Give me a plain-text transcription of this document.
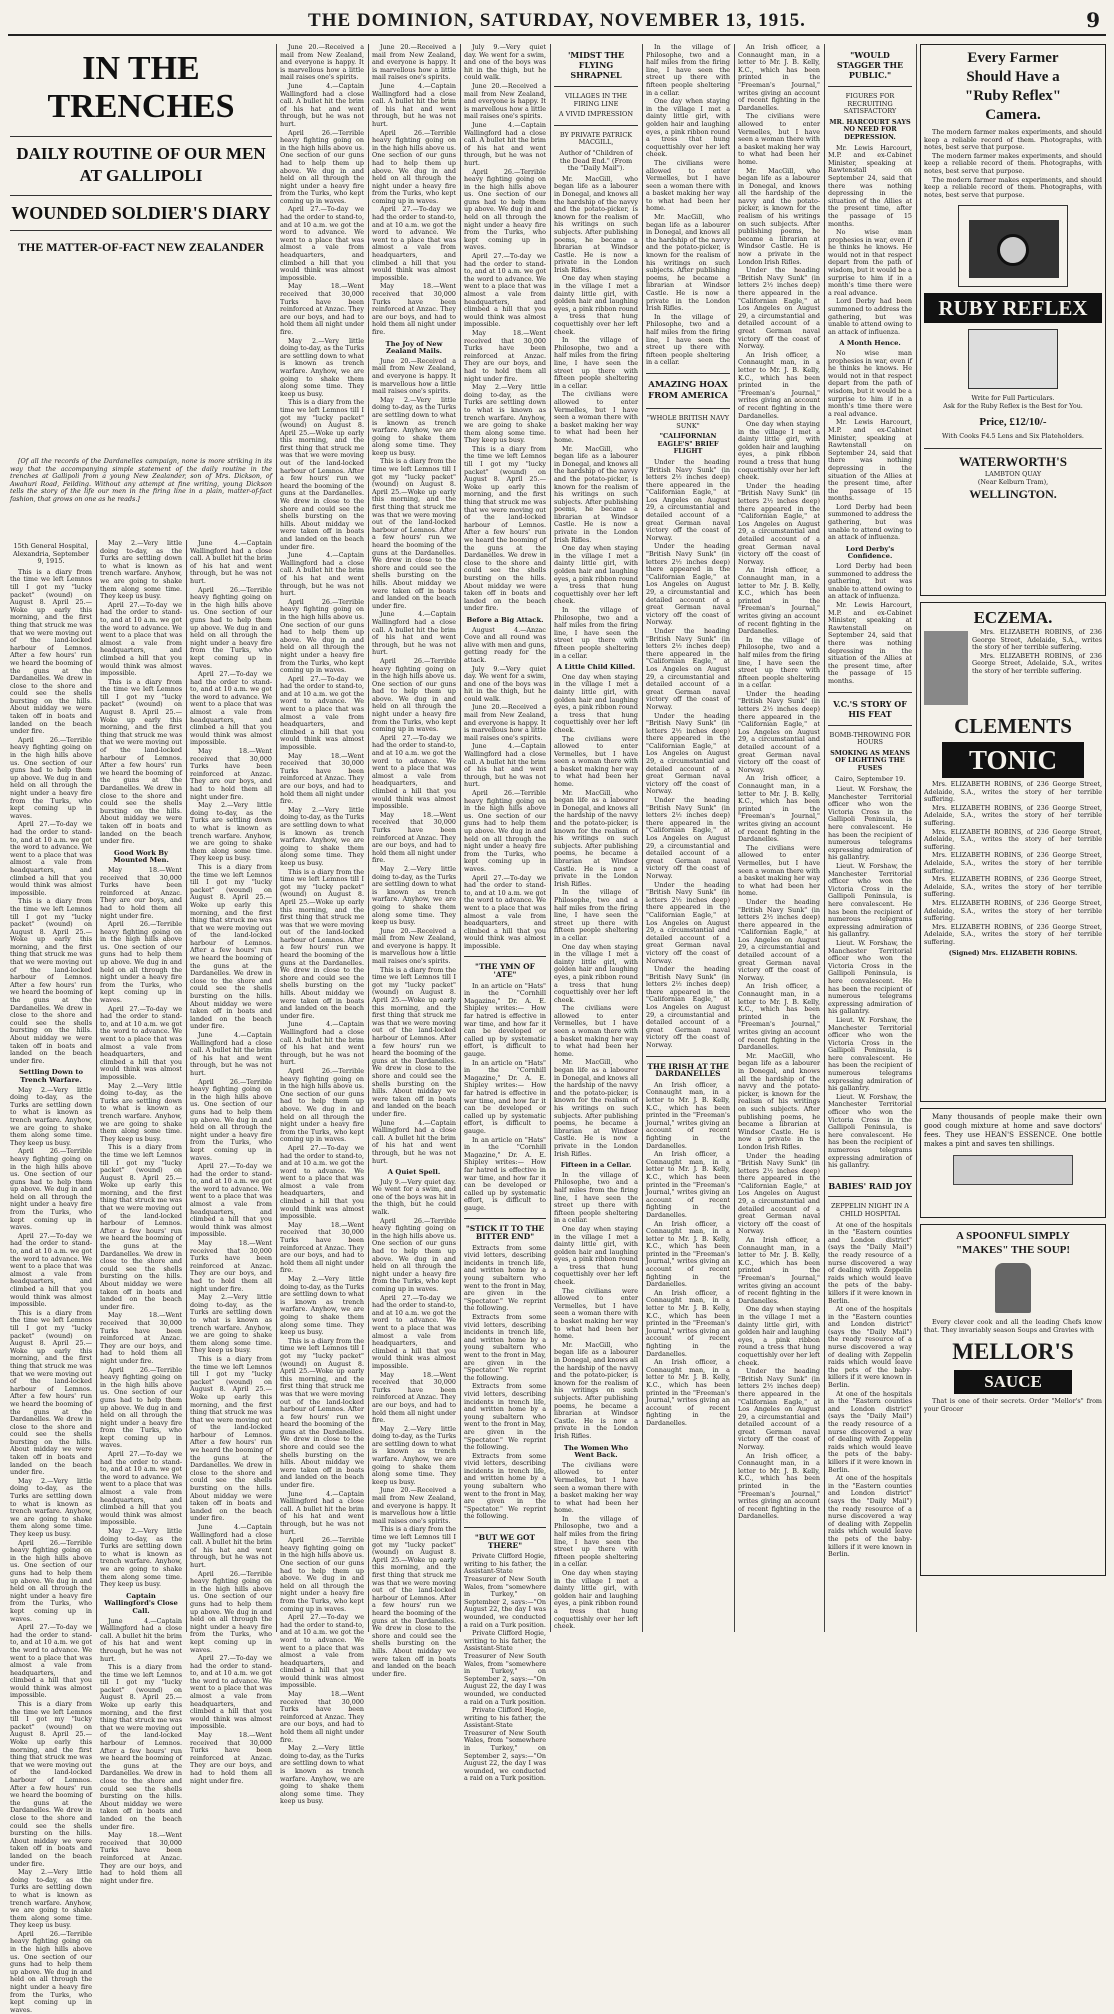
THE DOMINION, SATURDAY, NOVEMBER 13, 1915.	9
IN THE TRENCHES
DAILY ROUTINE OF OUR MEN AT GALLIPOLI
WOUNDED SOLDIER'S DIARY
THE MATTER-OF-FACT NEW ZEALANDER

[Of all the records of the Dardanelles campaign, none is more striking in its way that the accompanying simple statement of the daily routine in the trenches at Gallipoli from a young New Zealander, son of Mrs. Dickson, of Awahuri Road, Feilding. Without any attempt at fine writing, young Dickson tells the story of the life our men in the firing line in a plain, matter-of-fact fashion, that grows on one as he reads.]

15th General Hospital, Alexandria, September 9, 1915.

This is a diary from the time we left Lemnos till I got my "lucky packet" (wound) on August 8. April 25.—Woke up early this morning, and the first thing that struck me was that we were moving out of the land-locked harbour of Lemnos. After a few hours' run we heard the booming of the guns at the Dardanelles. We drew in close to the shore and could see the shells bursting on the hills. About midday we were taken off in boats and landed on the beach under fire.

April 26.—Terrible heavy fighting going on in the high hills above us. One section of our guns had to help them up above. We dug in and held on all through the night under a heavy fire from the Turks, who kept coming up in waves.

April 27.—To-day we had the order to stand-to, and at 10 a.m. we got the word to advance. We went to a place that was almost a vale from headquarters, and climbed a hill that you would think was almost impossible.

This is a diary from the time we left Lemnos till I got my "lucky packet" (wound) on August 8. April 25.—Woke up early this morning, and the first thing that struck me was that we were moving out of the land-locked harbour of Lemnos. After a few hours' run we heard the booming of the guns at the Dardanelles. We drew in close to the shore and could see the shells bursting on the hills. About midday we were taken off in boats and landed on the beach under fire.

Settling Down to Trench Warfare.

May 2.—Very little doing to-day, as the Turks are settling down to what is known as trench warfare. Anyhow, we are going to shake them along some time. They keep us busy.

April 26.—Terrible heavy fighting going on in the high hills above us. One section of our guns had to help them up above. We dug in and held on all through the night under a heavy fire from the Turks, who kept coming up in waves.

April 27.—To-day we had the order to stand-to, and at 10 a.m. we got the word to advance. We went to a place that was almost a vale from headquarters, and climbed a hill that you would think was almost impossible.

This is a diary from the time we left Lemnos till I got my "lucky packet" (wound) on August 8. April 25.—Woke up early this morning, and the first thing that struck me was that we were moving out of the land-locked harbour of Lemnos. After a few hours' run we heard the booming of the guns at the Dardanelles. We drew in close to the shore and could see the shells bursting on the hills. About midday we were taken off in boats and landed on the beach under fire.

May 2.—Very little doing to-day, as the Turks are settling down to what is known as trench warfare. Anyhow, we are going to shake them along some time. They keep us busy.

April 26.—Terrible heavy fighting going on in the high hills above us. One section of our guns had to help them up above. We dug in and held on all through the night under a heavy fire from the Turks, who kept coming up in waves.

April 27.—To-day we had the order to stand-to, and at 10 a.m. we got the word to advance. We went to a place that was almost a vale from headquarters, and climbed a hill that you would think was almost impossible.

This is a diary from the time we left Lemnos till I got my "lucky packet" (wound) on August 8. April 25.—Woke up early this morning, and the first thing that struck me was that we were moving out of the land-locked harbour of Lemnos. After a few hours' run we heard the booming of the guns at the Dardanelles. We drew in close to the shore and could see the shells bursting on the hills. About midday we were taken off in boats and landed on the beach under fire.

May 2.—Very little doing to-day, as the Turks are settling down to what is known as trench warfare. Anyhow, we are going to shake them along some time. They keep us busy.

April 26.—Terrible heavy fighting going on in the high hills above us. One section of our guns had to help them up above. We dug in and held on all through the night under a heavy fire from the Turks, who kept coming up in waves.

May 2.—Very little doing to-day, as the Turks are settling down to what is known as trench warfare. Anyhow, we are going to shake them along some time. They keep us busy.

April 27.—To-day we had the order to stand-to, and at 10 a.m. we got the word to advance. We went to a place that was almost a vale from headquarters, and climbed a hill that you would think was almost impossible.

This is a diary from the time we left Lemnos till I got my "lucky packet" (wound) on August 8. April 25.—Woke up early this morning, and the first thing that struck me was that we were moving out of the land-locked harbour of Lemnos. After a few hours' run we heard the booming of the guns at the Dardanelles. We drew in close to the shore and could see the shells bursting on the hills. About midday we were taken off in boats and landed on the beach under fire.

Good Work By Mounted Men.

May 18.—Went received that 30,000 Turks have been reinforced at Anzac. They are our boys, and had to hold them all night under fire.

April 26.—Terrible heavy fighting going on in the high hills above us. One section of our guns had to help them up above. We dug in and held on all through the night under a heavy fire from the Turks, who kept coming up in waves.

April 27.—To-day we had the order to stand-to, and at 10 a.m. we got the word to advance. We went to a place that was almost a vale from headquarters, and climbed a hill that you would think was almost impossible.

May 2.—Very little doing to-day, as the Turks are settling down to what is known as trench warfare. Anyhow, we are going to shake them along some time. They keep us busy.

This is a diary from the time we left Lemnos till I got my "lucky packet" (wound) on August 8. April 25.—Woke up early this morning, and the first thing that struck me was that we were moving out of the land-locked harbour of Lemnos. After a few hours' run we heard the booming of the guns at the Dardanelles. We drew in close to the shore and could see the shells bursting on the hills. About midday we were taken off in boats and landed on the beach under fire.

May 18.—Went received that 30,000 Turks have been reinforced at Anzac. They are our boys, and had to hold them all night under fire.

April 26.—Terrible heavy fighting going on in the high hills above us. One section of our guns had to help them up above. We dug in and held on all through the night under a heavy fire from the Turks, who kept coming up in waves.

April 27.—To-day we had the order to stand-to, and at 10 a.m. we got the word to advance. We went to a place that was almost a vale from headquarters, and climbed a hill that you would think was almost impossible.

May 2.—Very little doing to-day, as the Turks are settling down to what is known as trench warfare. Anyhow, we are going to shake them along some time. They keep us busy.

Captain Wallingford's Close Call.

June 4.—Captain Wallingford had a close call. A bullet hit the brim of his hat and went through, but he was not hurt.

This is a diary from the time we left Lemnos till I got my "lucky packet" (wound) on August 8. April 25.—Woke up early this morning, and the first thing that struck me was that we were moving out of the land-locked harbour of Lemnos. After a few hours' run we heard the booming of the guns at the Dardanelles. We drew in close to the shore and could see the shells bursting on the hills. About midday we were taken off in boats and landed on the beach under fire.

May 18.—Went received that 30,000 Turks have been reinforced at Anzac. They are our boys, and had to hold them all night under fire.

June 4.—Captain Wallingford had a close call. A bullet hit the brim of his hat and went through, but he was not hurt.

April 26.—Terrible heavy fighting going on in the high hills above us. One section of our guns had to help them up above. We dug in and held on all through the night under a heavy fire from the Turks, who kept coming up in waves.

April 27.—To-day we had the order to stand-to, and at 10 a.m. we got the word to advance. We went to a place that was almost a vale from headquarters, and climbed a hill that you would think was almost impossible.

May 18.—Went received that 30,000 Turks have been reinforced at Anzac. They are our boys, and had to hold them all night under fire.

May 2.—Very little doing to-day, as the Turks are settling down to what is known as trench warfare. Anyhow, we are going to shake them along some time. They keep us busy.

This is a diary from the time we left Lemnos till I got my "lucky packet" (wound) on August 8. April 25.—Woke up early this morning, and the first thing that struck me was that we were moving out of the land-locked harbour of Lemnos. After a few hours' run we heard the booming of the guns at the Dardanelles. We drew in close to the shore and could see the shells bursting on the hills. About midday we were taken off in boats and landed on the beach under fire.

June 4.—Captain Wallingford had a close call. A bullet hit the brim of his hat and went through, but he was not hurt.

April 26.—Terrible heavy fighting going on in the high hills above us. One section of our guns had to help them up above. We dug in and held on all through the night under a heavy fire from the Turks, who kept coming up in waves.

April 27.—To-day we had the order to stand-to, and at 10 a.m. we got the word to advance. We went to a place that was almost a vale from headquarters, and climbed a hill that you would think was almost impossible.

May 18.—Went received that 30,000 Turks have been reinforced at Anzac. They are our boys, and had to hold them all night under fire.

May 2.—Very little doing to-day, as the Turks are settling down to what is known as trench warfare. Anyhow, we are going to shake them along some time. They keep us busy.

This is a diary from the time we left Lemnos till I got my "lucky packet" (wound) on August 8. April 25.—Woke up early this morning, and the first thing that struck me was that we were moving out of the land-locked harbour of Lemnos. After a few hours' run we heard the booming of the guns at the Dardanelles. We drew in close to the shore and could see the shells bursting on the hills. About midday we were taken off in boats and landed on the beach under fire.

June 4.—Captain Wallingford had a close call. A bullet hit the brim of his hat and went through, but he was not hurt.

April 26.—Terrible heavy fighting going on in the high hills above us. One section of our guns had to help them up above. We dug in and held on all through the night under a heavy fire from the Turks, who kept coming up in waves.

April 27.—To-day we had the order to stand-to, and at 10 a.m. we got the word to advance. We went to a place that was almost a vale from headquarters, and climbed a hill that you would think was almost impossible.

May 18.—Went received that 30,000 Turks have been reinforced at Anzac. They are our boys, and had to hold them all night under fire.

June 20.—Received a mail from New Zealand, and everyone is happy. It is marvellous how a little mail raises one's spirits.

June 4.—Captain Wallingford had a close call. A bullet hit the brim of his hat and went through, but he was not hurt.

April 26.—Terrible heavy fighting going on in the high hills above us. One section of our guns had to help them up above. We dug in and held on all through the night under a heavy fire from the Turks, who kept coming up in waves.

April 27.—To-day we had the order to stand-to, and at 10 a.m. we got the word to advance. We went to a place that was almost a vale from headquarters, and climbed a hill that you would think was almost impossible.

May 18.—Went received that 30,000 Turks have been reinforced at Anzac. They are our boys, and had to hold them all night under fire.

May 2.—Very little doing to-day, as the Turks are settling down to what is known as trench warfare. Anyhow, we are going to shake them along some time. They keep us busy.

This is a diary from the time we left Lemnos till I got my "lucky packet" (wound) on August 8. April 25.—Woke up early this morning, and the first thing that struck me was that we were moving out of the land-locked harbour of Lemnos. After a few hours' run we heard the booming of the guns at the Dardanelles. We drew in close to the shore and could see the shells bursting on the hills. About midday we were taken off in boats and landed on the beach under fire.

June 4.—Captain Wallingford had a close call. A bullet hit the brim of his hat and went through, but he was not hurt.

April 26.—Terrible heavy fighting going on in the high hills above us. One section of our guns had to help them up above. We dug in and held on all through the night under a heavy fire from the Turks, who kept coming up in waves.

April 27.—To-day we had the order to stand-to, and at 10 a.m. we got the word to advance. We went to a place that was almost a vale from headquarters, and climbed a hill that you would think was almost impossible.

May 18.—Went received that 30,000 Turks have been reinforced at Anzac. They are our boys, and had to hold them all night under fire.

May 2.—Very little doing to-day, as the Turks are settling down to what is known as trench warfare. Anyhow, we are going to shake them along some time. They keep us busy.

This is a diary from the time we left Lemnos till I got my "lucky packet" (wound) on August 8. April 25.—Woke up early this morning, and the first thing that struck me was that we were moving out of the land-locked harbour of Lemnos. After a few hours' run we heard the booming of the guns at the Dardanelles. We drew in close to the shore and could see the shells bursting on the hills. About midday we were taken off in boats and landed on the beach under fire.

June 4.—Captain Wallingford had a close call. A bullet hit the brim of his hat and went through, but he was not hurt.

April 26.—Terrible heavy fighting going on in the high hills above us. One section of our guns had to help them up above. We dug in and held on all through the night under a heavy fire from the Turks, who kept coming up in waves.

April 27.—To-day we had the order to stand-to, and at 10 a.m. we got the word to advance. We went to a place that was almost a vale from headquarters, and climbed a hill that you would think was almost impossible.

May 18.—Went received that 30,000 Turks have been reinforced at Anzac. They are our boys, and had to hold them all night under fire.

May 2.—Very little doing to-day, as the Turks are settling down to what is known as trench warfare. Anyhow, we are going to shake them along some time. They keep us busy.

This is a diary from the time we left Lemnos till I got my "lucky packet" (wound) on August 8. April 25.—Woke up early this morning, and the first thing that struck me was that we were moving out of the land-locked harbour of Lemnos. After a few hours' run we heard the booming of the guns at the Dardanelles. We drew in close to the shore and could see the shells bursting on the hills. About midday we were taken off in boats and landed on the beach under fire.

June 4.—Captain Wallingford had a close call. A bullet hit the brim of his hat and went through, but he was not hurt.

April 26.—Terrible heavy fighting going on in the high hills above us. One section of our guns had to help them up above. We dug in and held on all through the night under a heavy fire from the Turks, who kept coming up in waves.

April 27.—To-day we had the order to stand-to, and at 10 a.m. we got the word to advance. We went to a place that was almost a vale from headquarters, and climbed a hill that you would think was almost impossible.

May 18.—Went received that 30,000 Turks have been reinforced at Anzac. They are our boys, and had to hold them all night under fire.

May 2.—Very little doing to-day, as the Turks are settling down to what is known as trench warfare. Anyhow, we are going to shake them along some time. They keep us busy.

June 20.—Received a mail from New Zealand, and everyone is happy. It is marvellous how a little mail raises one's spirits.

June 4.—Captain Wallingford had a close call. A bullet hit the brim of his hat and went through, but he was not hurt.

April 26.—Terrible heavy fighting going on in the high hills above us. One section of our guns had to help them up above. We dug in and held on all through the night under a heavy fire from the Turks, who kept coming up in waves.

April 27.—To-day we had the order to stand-to, and at 10 a.m. we got the word to advance. We went to a place that was almost a vale from headquarters, and climbed a hill that you would think was almost impossible.

May 18.—Went received that 30,000 Turks have been reinforced at Anzac. They are our boys, and had to hold them all night under fire.

The Joy of New Zealand Mails.

June 20.—Received a mail from New Zealand, and everyone is happy. It is marvellous how a little mail raises one's spirits.

May 2.—Very little doing to-day, as the Turks are settling down to what is known as trench warfare. Anyhow, we are going to shake them along some time. They keep us busy.

This is a diary from the time we left Lemnos till I got my "lucky packet" (wound) on August 8. April 25.—Woke up early this morning, and the first thing that struck me was that we were moving out of the land-locked harbour of Lemnos. After a few hours' run we heard the booming of the guns at the Dardanelles. We drew in close to the shore and could see the shells bursting on the hills. About midday we were taken off in boats and landed on the beach under fire.

June 4.—Captain Wallingford had a close call. A bullet hit the brim of his hat and went through, but he was not hurt.

April 26.—Terrible heavy fighting going on in the high hills above us. One section of our guns had to help them up above. We dug in and held on all through the night under a heavy fire from the Turks, who kept coming up in waves.

April 27.—To-day we had the order to stand-to, and at 10 a.m. we got the word to advance. We went to a place that was almost a vale from headquarters, and climbed a hill that you would think was almost impossible.

May 18.—Went received that 30,000 Turks have been reinforced at Anzac. They are our boys, and had to hold them all night under fire.

May 2.—Very little doing to-day, as the Turks are settling down to what is known as trench warfare. Anyhow, we are going to shake them along some time. They keep us busy.

June 20.—Received a mail from New Zealand, and everyone is happy. It is marvellous how a little mail raises one's spirits.

This is a diary from the time we left Lemnos till I got my "lucky packet" (wound) on August 8. April 25.—Woke up early this morning, and the first thing that struck me was that we were moving out of the land-locked harbour of Lemnos. After a few hours' run we heard the booming of the guns at the Dardanelles. We drew in close to the shore and could see the shells bursting on the hills. About midday we were taken off in boats and landed on the beach under fire.

June 4.—Captain Wallingford had a close call. A bullet hit the brim of his hat and went through, but he was not hurt.

A Quiet Spell.

July 9.—Very quiet day. We went for a swim, and one of the boys was hit in the thigh, but he could walk.

April 26.—Terrible heavy fighting going on in the high hills above us. One section of our guns had to help them up above. We dug in and held on all through the night under a heavy fire from the Turks, who kept coming up in waves.

April 27.—To-day we had the order to stand-to, and at 10 a.m. we got the word to advance. We went to a place that was almost a vale from headquarters, and climbed a hill that you would think was almost impossible.

May 18.—Went received that 30,000 Turks have been reinforced at Anzac. They are our boys, and had to hold them all night under fire.

May 2.—Very little doing to-day, as the Turks are settling down to what is known as trench warfare. Anyhow, we are going to shake them along some time. They keep us busy.

June 20.—Received a mail from New Zealand, and everyone is happy. It is marvellous how a little mail raises one's spirits.

This is a diary from the time we left Lemnos till I got my "lucky packet" (wound) on August 8. April 25.—Woke up early this morning, and the first thing that struck me was that we were moving out of the land-locked harbour of Lemnos. After a few hours' run we heard the booming of the guns at the Dardanelles. We drew in close to the shore and could see the shells bursting on the hills. About midday we were taken off in boats and landed on the beach under fire.

July 9.—Very quiet day. We went for a swim, and one of the boys was hit in the thigh, but he could walk.

June 20.—Received a mail from New Zealand, and everyone is happy. It is marvellous how a little mail raises one's spirits.

June 4.—Captain Wallingford had a close call. A bullet hit the brim of his hat and went through, but he was not hurt.

April 26.—Terrible heavy fighting going on in the high hills above us. One section of our guns had to help them up above. We dug in and held on all through the night under a heavy fire from the Turks, who kept coming up in waves.

April 27.—To-day we had the order to stand-to, and at 10 a.m. we got the word to advance. We went to a place that was almost a vale from headquarters, and climbed a hill that you would think was almost impossible.

May 18.—Went received that 30,000 Turks have been reinforced at Anzac. They are our boys, and had to hold them all night under fire.

May 2.—Very little doing to-day, as the Turks are settling down to what is known as trench warfare. Anyhow, we are going to shake them along some time. They keep us busy.

This is a diary from the time we left Lemnos till I got my "lucky packet" (wound) on August 8. April 25.—Woke up early this morning, and the first thing that struck me was that we were moving out of the land-locked harbour of Lemnos. After a few hours' run we heard the booming of the guns at the Dardanelles. We drew in close to the shore and could see the shells bursting on the hills. About midday we were taken off in boats and landed on the beach under fire.

Before a Big Attack.

August 4.—Anzac Cove and all round was alive with men and guns, getting ready for the attack.

July 9.—Very quiet day. We went for a swim, and one of the boys was hit in the thigh, but he could walk.

June 20.—Received a mail from New Zealand, and everyone is happy. It is marvellous how a little mail raises one's spirits.

June 4.—Captain Wallingford had a close call. A bullet hit the brim of his hat and went through, but he was not hurt.

April 26.—Terrible heavy fighting going on in the high hills above us. One section of our guns had to help them up above. We dug in and held on all through the night under a heavy fire from the Turks, who kept coming up in waves.

April 27.—To-day we had the order to stand-to, and at 10 a.m. we got the word to advance. We went to a place that was almost a vale from headquarters, and climbed a hill that you would think was almost impossible.

"THE YMN OF 'ATE"

In an article on "Hats" in the "Cornhill Magazine," Dr. A. E. Shipley writes:— How far hatred is effective in war time, and how far it can be developed or called up by systematic effort, is difficult to gauge.

In an article on "Hats" in the "Cornhill Magazine," Dr. A. E. Shipley writes:— How far hatred is effective in war time, and how far it can be developed or called up by systematic effort, is difficult to gauge.

In an article on "Hats" in the "Cornhill Magazine," Dr. A. E. Shipley writes:— How far hatred is effective in war time, and how far it can be developed or called up by systematic effort, is difficult to gauge.

"STICK IT TO THE BITTER END"

Extracts from some vivid letters, describing incidents in trench life, and written home by a young subaltern who went to the front in May, are given in the "Spectator." We reprint the following.

Extracts from some vivid letters, describing incidents in trench life, and written home by a young subaltern who went to the front in May, are given in the "Spectator." We reprint the following.

Extracts from some vivid letters, describing incidents in trench life, and written home by a young subaltern who went to the front in May, are given in the "Spectator." We reprint the following.

Extracts from some vivid letters, describing incidents in trench life, and written home by a young subaltern who went to the front in May, are given in the "Spectator." We reprint the following.

"BUT WE GOT THERE"

Private Clifford Hogie, writing to his father, the Assistant-State Treasurer of New South Wales, from "somewhere in Turkey," on September 2, says:—"On August 22, the day I was wounded, we conducted a raid on a Turk position.

Private Clifford Hogie, writing to his father, the Assistant-State Treasurer of New South Wales, from "somewhere in Turkey," on September 2, says:—"On August 22, the day I was wounded, we conducted a raid on a Turk position.

Private Clifford Hogie, writing to his father, the Assistant-State Treasurer of New South Wales, from "somewhere in Turkey," on September 2, says:—"On August 22, the day I was wounded, we conducted a raid on a Turk position.

'MIDST THE FLYING SHRAPNEL
VILLAGES IN THE FIRING LINE
A VIVID IMPRESSION
BY PRIVATE PATRICK MACGILL,
Author of "Children of the Dead End." (From the "Daily Mail").

Mr. MacGill, who began life as a labourer in Donegal, and knows all the hardship of the navvy and the potato-picker, is known for the realism of his writings on such subjects. After publishing poems, he became a librarian at Windsor Castle. He is now a private in the London Irish Rifles.

One day when staying in the village I met a dainty little girl, with golden hair and laughing eyes, a pink ribbon round a tress that hung coquettishly over her left cheek.

In the village of Philosophe, two and a half miles from the firing line, I have seen the street up there with fifteen people sheltering in a cellar.

The civilians were allowed to enter Vermelles, but I have seen a woman there with a basket making her way to what had been her home.

Mr. MacGill, who began life as a labourer in Donegal, and knows all the hardship of the navvy and the potato-picker, is known for the realism of his writings on such subjects. After publishing poems, he became a librarian at Windsor Castle. He is now a private in the London Irish Rifles.

One day when staying in the village I met a dainty little girl, with golden hair and laughing eyes, a pink ribbon round a tress that hung coquettishly over her left cheek.

In the village of Philosophe, two and a half miles from the firing line, I have seen the street up there with fifteen people sheltering in a cellar.

A Little Child Killed.

One day when staying in the village I met a dainty little girl, with golden hair and laughing eyes, a pink ribbon round a tress that hung coquettishly over her left cheek.

The civilians were allowed to enter Vermelles, but I have seen a woman there with a basket making her way to what had been her home.

Mr. MacGill, who began life as a labourer in Donegal, and knows all the hardship of the navvy and the potato-picker, is known for the realism of his writings on such subjects. After publishing poems, he became a librarian at Windsor Castle. He is now a private in the London Irish Rifles.

In the village of Philosophe, two and a half miles from the firing line, I have seen the street up there with fifteen people sheltering in a cellar.

One day when staying in the village I met a dainty little girl, with golden hair and laughing eyes, a pink ribbon round a tress that hung coquettishly over her left cheek.

The civilians were allowed to enter Vermelles, but I have seen a woman there with a basket making her way to what had been her home.

Mr. MacGill, who began life as a labourer in Donegal, and knows all the hardship of the navvy and the potato-picker, is known for the realism of his writings on such subjects. After publishing poems, he became a librarian at Windsor Castle. He is now a private in the London Irish Rifles.

Fifteen in a Cellar.

In the village of Philosophe, two and a half miles from the firing line, I have seen the street up there with fifteen people sheltering in a cellar.

One day when staying in the village I met a dainty little girl, with golden hair and laughing eyes, a pink ribbon round a tress that hung coquettishly over her left cheek.

The civilians were allowed to enter Vermelles, but I have seen a woman there with a basket making her way to what had been her home.

Mr. MacGill, who began life as a labourer in Donegal, and knows all the hardship of the navvy and the potato-picker, is known for the realism of his writings on such subjects. After publishing poems, he became a librarian at Windsor Castle. He is now a private in the London Irish Rifles.

The Women Who Went Back.

The civilians were allowed to enter Vermelles, but I have seen a woman there with a basket making her way to what had been her home.

In the village of Philosophe, two and a half miles from the firing line, I have seen the street up there with fifteen people sheltering in a cellar.

One day when staying in the village I met a dainty little girl, with golden hair and laughing eyes, a pink ribbon round a tress that hung coquettishly over her left cheek.

In the village of Philosophe, two and a half miles from the firing line, I have seen the street up there with fifteen people sheltering in a cellar.

One day when staying in the village I met a dainty little girl, with golden hair and laughing eyes, a pink ribbon round a tress that hung coquettishly over her left cheek.

The civilians were allowed to enter Vermelles, but I have seen a woman there with a basket making her way to what had been her home.

Mr. MacGill, who began life as a labourer in Donegal, and knows all the hardship of the navvy and the potato-picker, is known for the realism of his writings on such subjects. After publishing poems, he became a librarian at Windsor Castle. He is now a private in the London Irish Rifles.

In the village of Philosophe, two and a half miles from the firing line, I have seen the street up there with fifteen people sheltering in a cellar.

AMAZING HOAX FROM AMERICA
"WHOLE BRITISH NAVY SUNK"
"CALIFORNIAN EAGLE'S" BRIEF FLIGHT

Under the heading "British Navy Sunk" (in letters 2½ inches deep) there appeared in the "Californian Eagle," at Los Angeles on August 29, a circumstantial and detailed account of a great German naval victory off the coast of Norway.

Under the heading "British Navy Sunk" (in letters 2½ inches deep) there appeared in the "Californian Eagle," at Los Angeles on August 29, a circumstantial and detailed account of a great German naval victory off the coast of Norway.

Under the heading "British Navy Sunk" (in letters 2½ inches deep) there appeared in the "Californian Eagle," at Los Angeles on August 29, a circumstantial and detailed account of a great German naval victory off the coast of Norway.

Under the heading "British Navy Sunk" (in letters 2½ inches deep) there appeared in the "Californian Eagle," at Los Angeles on August 29, a circumstantial and detailed account of a great German naval victory off the coast of Norway.

Under the heading "British Navy Sunk" (in letters 2½ inches deep) there appeared in the "Californian Eagle," at Los Angeles on August 29, a circumstantial and detailed account of a great German naval victory off the coast of Norway.

Under the heading "British Navy Sunk" (in letters 2½ inches deep) there appeared in the "Californian Eagle," at Los Angeles on August 29, a circumstantial and detailed account of a great German naval victory off the coast of Norway.

Under the heading "British Navy Sunk" (in letters 2½ inches deep) there appeared in the "Californian Eagle," at Los Angeles on August 29, a circumstantial and detailed account of a great German naval victory off the coast of Norway.

THE IRISH AT THE DARDANELLES

An Irish officer, a Connaught man, in a letter to Mr. J. B. Kelly, K.C., which has been printed in the "Freeman's Journal," writes giving an account of recent fighting in the Dardanelles.

An Irish officer, a Connaught man, in a letter to Mr. J. B. Kelly, K.C., which has been printed in the "Freeman's Journal," writes giving an account of recent fighting in the Dardanelles.

An Irish officer, a Connaught man, in a letter to Mr. J. B. Kelly, K.C., which has been printed in the "Freeman's Journal," writes giving an account of recent fighting in the Dardanelles.

An Irish officer, a Connaught man, in a letter to Mr. J. B. Kelly, K.C., which has been printed in the "Freeman's Journal," writes giving an account of recent fighting in the Dardanelles.

An Irish officer, a Connaught man, in a letter to Mr. J. B. Kelly, K.C., which has been printed in the "Freeman's Journal," writes giving an account of recent fighting in the Dardanelles.

An Irish officer, a Connaught man, in a letter to Mr. J. B. Kelly, K.C., which has been printed in the "Freeman's Journal," writes giving an account of recent fighting in the Dardanelles.

The civilians were allowed to enter Vermelles, but I have seen a woman there with a basket making her way to what had been her home.

Mr. MacGill, who began life as a labourer in Donegal, and knows all the hardship of the navvy and the potato-picker, is known for the realism of his writings on such subjects. After publishing poems, he became a librarian at Windsor Castle. He is now a private in the London Irish Rifles.

Under the heading "British Navy Sunk" (in letters 2½ inches deep) there appeared in the "Californian Eagle," at Los Angeles on August 29, a circumstantial and detailed account of a great German naval victory off the coast of Norway.

An Irish officer, a Connaught man, in a letter to Mr. J. B. Kelly, K.C., which has been printed in the "Freeman's Journal," writes giving an account of recent fighting in the Dardanelles.

One day when staying in the village I met a dainty little girl, with golden hair and laughing eyes, a pink ribbon round a tress that hung coquettishly over her left cheek.

Under the heading "British Navy Sunk" (in letters 2½ inches deep) there appeared in the "Californian Eagle," at Los Angeles on August 29, a circumstantial and detailed account of a great German naval victory off the coast of Norway.

An Irish officer, a Connaught man, in a letter to Mr. J. B. Kelly, K.C., which has been printed in the "Freeman's Journal," writes giving an account of recent fighting in the Dardanelles.

In the village of Philosophe, two and a half miles from the firing line, I have seen the street up there with fifteen people sheltering in a cellar.

Under the heading "British Navy Sunk" (in letters 2½ inches deep) there appeared in the "Californian Eagle," at Los Angeles on August 29, a circumstantial and detailed account of a great German naval victory off the coast of Norway.

An Irish officer, a Connaught man, in a letter to Mr. J. B. Kelly, K.C., which has been printed in the "Freeman's Journal," writes giving an account of recent fighting in the Dardanelles.

The civilians were allowed to enter Vermelles, but I have seen a woman there with a basket making her way to what had been her home.

Under the heading "British Navy Sunk" (in letters 2½ inches deep) there appeared in the "Californian Eagle," at Los Angeles on August 29, a circumstantial and detailed account of a great German naval victory off the coast of Norway.

An Irish officer, a Connaught man, in a letter to Mr. J. B. Kelly, K.C., which has been printed in the "Freeman's Journal," writes giving an account of recent fighting in the Dardanelles.

Mr. MacGill, who began life as a labourer in Donegal, and knows all the hardship of the navvy and the potato-picker, is known for the realism of his writings on such subjects. After publishing poems, he became a librarian at Windsor Castle. He is now a private in the London Irish Rifles.

Under the heading "British Navy Sunk" (in letters 2½ inches deep) there appeared in the "Californian Eagle," at Los Angeles on August 29, a circumstantial and detailed account of a great German naval victory off the coast of Norway.

An Irish officer, a Connaught man, in a letter to Mr. J. B. Kelly, K.C., which has been printed in the "Freeman's Journal," writes giving an account of recent fighting in the Dardanelles.

One day when staying in the village I met a dainty little girl, with golden hair and laughing eyes, a pink ribbon round a tress that hung coquettishly over her left cheek.

Under the heading "British Navy Sunk" (in letters 2½ inches deep) there appeared in the "Californian Eagle," at Los Angeles on August 29, a circumstantial and detailed account of a great German naval victory off the coast of Norway.

An Irish officer, a Connaught man, in a letter to Mr. J. B. Kelly, K.C., which has been printed in the "Freeman's Journal," writes giving an account of recent fighting in the Dardanelles.

"WOULD STAGGER THE PUBLIC."
FIGURES FOR RECRUITING SATISFACTORY
MR. HARCOURT SAYS NO NEED FOR DEPRESSION.

Mr. Lewis Harcourt, M.P. and ex-Cabinet Minister, speaking at Rawtenstall on September 24, said that there was nothing depressing in the situation of the Allies at the present time, after the passage of 15 months.

No wise man prophesies in war, even if he thinks he knows. He would not in that respect depart from the path of wisdom, but it would be a surprise to him if in a month's time there were a real advance.

Lord Derby had been summoned to address the gathering, but was unable to attend owing to an attack of influenza.

A Month Hence.

No wise man prophesies in war, even if he thinks he knows. He would not in that respect depart from the path of wisdom, but it would be a surprise to him if in a month's time there were a real advance.

Mr. Lewis Harcourt, M.P. and ex-Cabinet Minister, speaking at Rawtenstall on September 24, said that there was nothing depressing in the situation of the Allies at the present time, after the passage of 15 months.

Lord Derby had been summoned to address the gathering, but was unable to attend owing to an attack of influenza.

Lord Derby's Confidence.

Lord Derby had been summoned to address the gathering, but was unable to attend owing to an attack of influenza.

Mr. Lewis Harcourt, M.P. and ex-Cabinet Minister, speaking at Rawtenstall on September 24, said that there was nothing depressing in the situation of the Allies at the present time, after the passage of 15 months.

V.C.'S STORY OF HIS FEAT
BOMB-THROWING FOR HOURS
SMOKING AS MEANS OF LIGHTING THE FUSES
Cairo, September 19.

Lieut. W. Forshaw, the Manchester Territorial officer who won the Victoria Cross in the Gallipoli Peninsula, is here convalescent. He has been the recipient of numerous telegrams expressing admiration of his gallantry.

Lieut. W. Forshaw, the Manchester Territorial officer who won the Victoria Cross in the Gallipoli Peninsula, is here convalescent. He has been the recipient of numerous telegrams expressing admiration of his gallantry.

Lieut. W. Forshaw, the Manchester Territorial officer who won the Victoria Cross in the Gallipoli Peninsula, is here convalescent. He has been the recipient of numerous telegrams expressing admiration of his gallantry.

Lieut. W. Forshaw, the Manchester Territorial officer who won the Victoria Cross in the Gallipoli Peninsula, is here convalescent. He has been the recipient of numerous telegrams expressing admiration of his gallantry.

Lieut. W. Forshaw, the Manchester Territorial officer who won the Victoria Cross in the Gallipoli Peninsula, is here convalescent. He has been the recipient of numerous telegrams expressing admiration of his gallantry.

BABIES' RAID JOY
ZEPPELIN NIGHT IN A CHILD HOSPITAL

At one of the hospitals in the "Eastern counties and London district" (says the "Daily Mail") the ready resource of a nurse discovered a way of dealing with Zeppelin raids which would leave the pets of the baby-killers if it were known in Berlin.

At one of the hospitals in the "Eastern counties and London district" (says the "Daily Mail") the ready resource of a nurse discovered a way of dealing with Zeppelin raids which would leave the pets of the baby-killers if it were known in Berlin.

At one of the hospitals in the "Eastern counties and London district" (says the "Daily Mail") the ready resource of a nurse discovered a way of dealing with Zeppelin raids which would leave the pets of the baby-killers if it were known in Berlin.

At one of the hospitals in the "Eastern counties and London district" (says the "Daily Mail") the ready resource of a nurse discovered a way of dealing with Zeppelin raids which would leave the pets of the baby-killers if it were known in Berlin.

Every Farmer
Should Have a
"Ruby Reflex"
Camera.

The modern farmer makes experiments, and should keep a reliable record of them. Photographs, with notes, best serve that purpose.

The modern farmer makes experiments, and should keep a reliable record of them. Photographs, with notes, best serve that purpose.

The modern farmer makes experiments, and should keep a reliable record of them. Photographs, with notes, best serve that purpose.

RUBY REFLEX
Write for Full Particulars.
Ask for the Ruby Reflex is the Best for You.
Price, £12/10/-
With Cooks F4.5 Lens and Six Plateholders.
WATERWORTH'S
LAMBTON QUAY
(Near Kelburn Tram),
WELLINGTON.
ECZEMA.

Mrs. ELIZABETH ROBINS, of 236 George Street, Adelaide, S.A., writes the story of her terrible suffering.

Mrs. ELIZABETH ROBINS, of 236 George Street, Adelaide, S.A., writes the story of her terrible suffering.

CLEMENTS
TONIC

Mrs. ELIZABETH ROBINS, of 236 George Street, Adelaide, S.A., writes the story of her terrible suffering.

Mrs. ELIZABETH ROBINS, of 236 George Street, Adelaide, S.A., writes the story of her terrible suffering.

Mrs. ELIZABETH ROBINS, of 236 George Street, Adelaide, S.A., writes the story of her terrible suffering.

Mrs. ELIZABETH ROBINS, of 236 George Street, Adelaide, S.A., writes the story of her terrible suffering.

Mrs. ELIZABETH ROBINS, of 236 George Street, Adelaide, S.A., writes the story of her terrible suffering.

Mrs. ELIZABETH ROBINS, of 236 George Street, Adelaide, S.A., writes the story of her terrible suffering.

Mrs. ELIZABETH ROBINS, of 236 George Street, Adelaide, S.A., writes the story of her terrible suffering.

(Signed) Mrs. ELIZABETH ROBINS.

Many thousands of people make their own good cough mixture at home and save doctors' fees. They use HEAN'S ESSENCE. One bottle makes a pint and saves ten shillings.

A SPOONFUL SIMPLY
"MAKES" THE SOUP!

Every clever cook and all the leading Chefs know that. They invariably season Soups and Gravies with

MELLOR'S
SAUCE

That is one of their secrets. Order "Mellor's" from your Grocer
